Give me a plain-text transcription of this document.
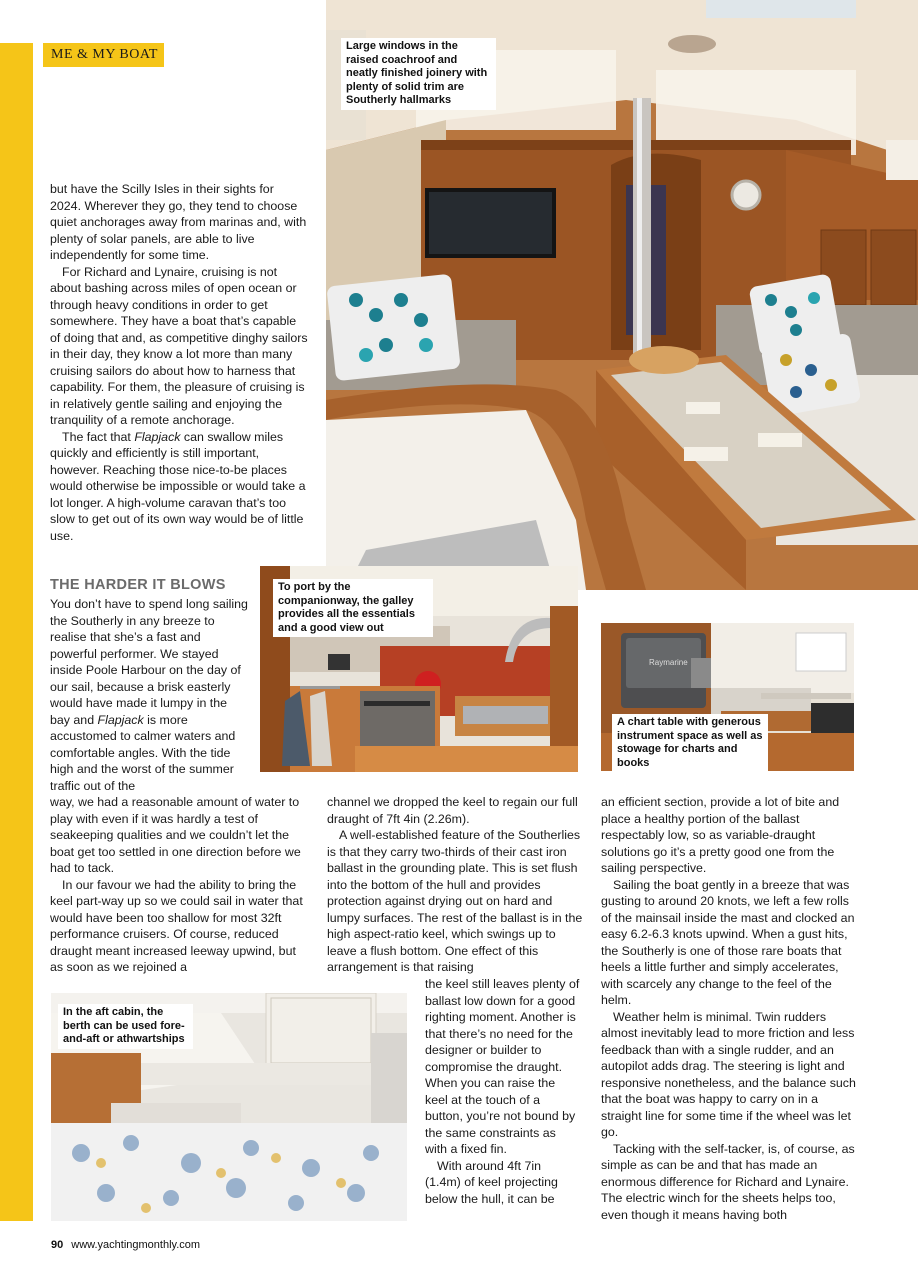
ME & MY BOAT
Large windows in the raised coachroof and neatly finished joinery with plenty of solid trim are Southerly hallmarks

but have the Scilly Isles in their sights for 2024. Wherever they go, they tend to choose quiet anchorages away from marinas and, with plenty of solar panels, are able to live independently for some time.

For Richard and Lynaire, cruising is not about bashing across miles of open ocean or through heavy conditions in order to get somewhere. They have a boat that’s capable of doing that and, as competitive dinghy sailors in their day, they know a lot more than many cruising sailors do about how to harness that capability. For them, the pleasure of cruising is in relatively gentle sailing and enjoying the tranquility of a remote anchorage.

The fact that Flapjack can swallow miles quickly and efficiently is still important, however. Reaching those nice-to-be places would otherwise be impossible or would take a lot longer. A high-volume caravan that’s too slow to get out of its own way would be of little use.

THE HARDER IT BLOWS

You don’t have to spend long sailing the Southerly in any breeze to realise that she’s a fast and powerful performer. We stayed inside Poole Harbour on the day of our sail, because a brisk easterly would have made it lumpy in the bay and Flapjack is more accustomed to calmer waters and comfortable angles. With the tide high and the worst of the summer traffic out of the

To port by the companionway, the galley provides all the essentials and a good view out
Raymarine
A chart table with generous instrument space as well as stowage for charts and books

way, we had a reasonable amount of water to play with even if it was hardly a test of seakeeping qualities and we couldn’t let the boat get too settled in one direction before we had to tack.

In our favour we had the ability to bring the keel part-way up so we could sail in water that would have been too shallow for most 32ft performance cruisers. Of course, reduced draught meant increased leeway upwind, but as soon as we rejoined a

channel we dropped the keel to regain our full draught of 7ft 4in (2.26m).

A well-established feature of the Southerlies is that they carry two-thirds of their cast iron ballast in the grounding plate. This is set flush into the bottom of the hull and provides protection against drying out on hard and lumpy surfaces. The rest of the ballast is in the high aspect-ratio keel, which swings up to leave a flush bottom. One effect of this arrangement is that raising

In the aft cabin, the berth can be used fore-and-aft or athwartships

the keel still leaves plenty of ballast low down for a good righting moment. Another is that there’s no need for the designer or builder to compromise the draught. When you can raise the keel at the touch of a button, you’re not bound by the same constraints as with a fixed fin.

With around 4ft 7in (1.4m) of keel projecting below the hull, it can be

an efficient section, provide a lot of bite and place a healthy portion of the ballast respectably low, so as variable-draught solutions go it’s a pretty good one from the sailing perspective.

Sailing the boat gently in a breeze that was gusting to around 20 knots, we left a few rolls of the mainsail inside the mast and clocked an easy 6.2-6.3 knots upwind. When a gust hits, the Southerly is one of those rare boats that heels a little further and simply accelerates, with scarcely any change to the feel of the helm.

Weather helm is minimal. Twin rudders almost inevitably lead to more friction and less feedback than with a single rudder, and an autopilot adds drag. The steering is light and responsive nonetheless, and the balance such that the boat was happy to carry on in a straight line for some time if the wheel was let go.

Tacking with the self-tacker, is, of course, as simple as can be and that has made an enormous difference for Richard and Lynaire. The electric winch for the sheets helps too, even though it means having both

90 www.yachtingmonthly.com
